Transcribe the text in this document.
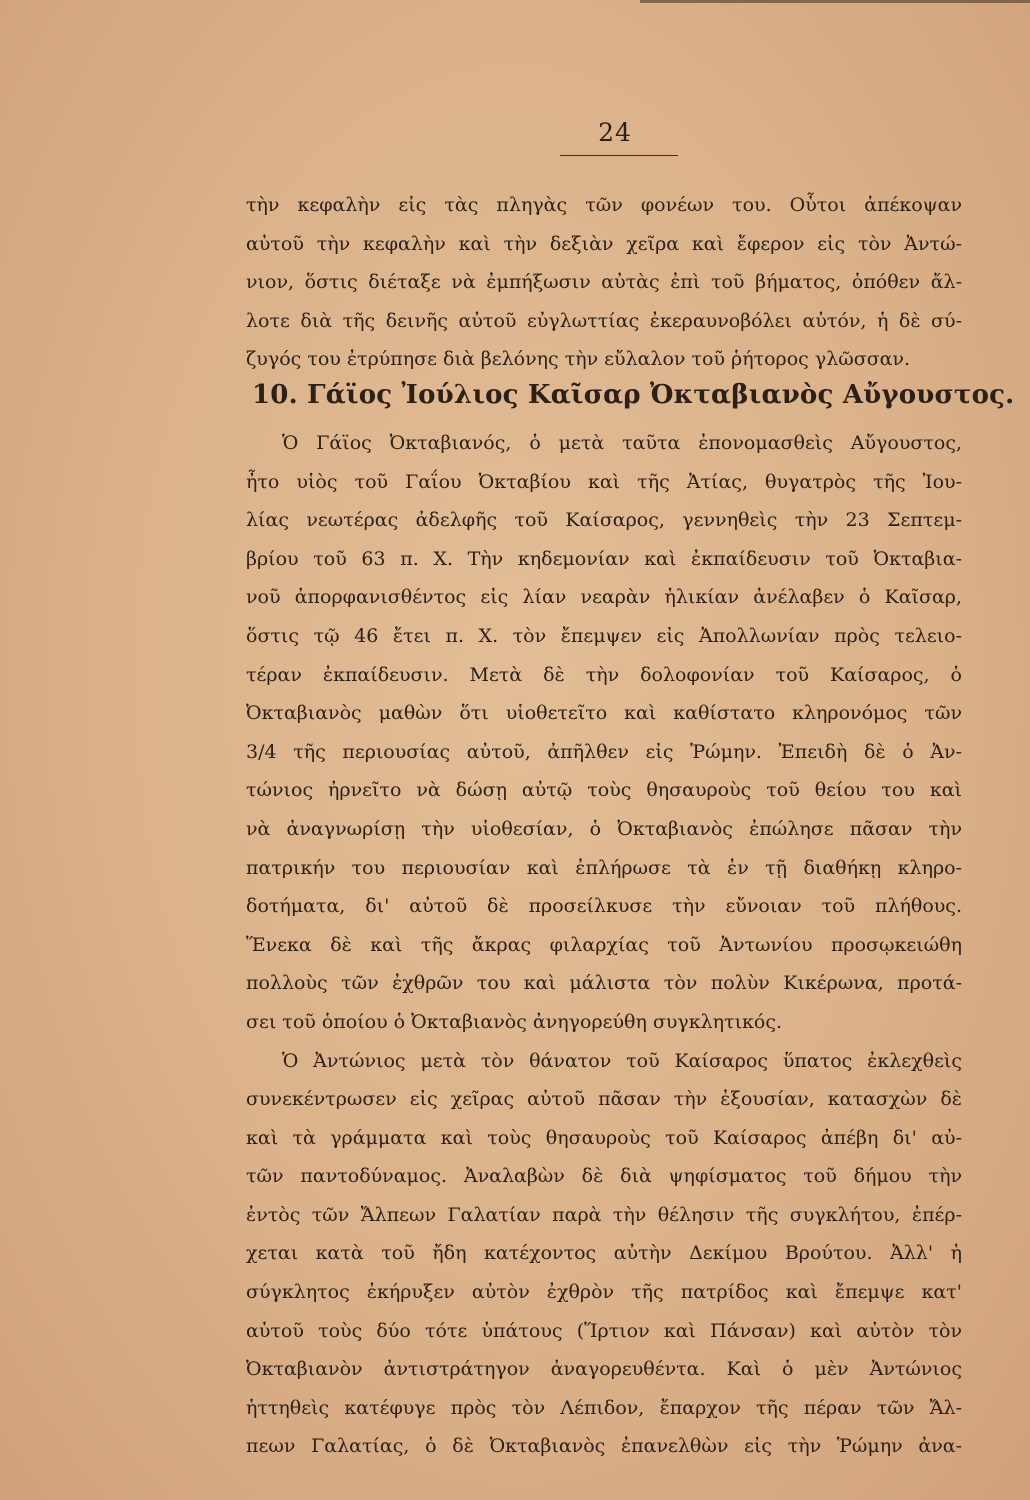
24
τὴν κεφαλὴν εἰς τὰς πληγὰς τῶν φονέων του. Οὗτοι ἀπέκοψαν
αὐτοῦ τὴν κεφαλὴν καὶ τὴν δεξιὰν χεῖρα καὶ ἔφερον εἰς τὸν Ἀντώ-
νιον, ὅστις διέταξε νὰ ἐμπήξωσιν αὐτὰς ἐπὶ τοῦ βήματος, ὁπόθεν ἄλ-
λοτε διὰ τῆς δεινῆς αὐτοῦ εὐγλωττίας ἐκεραυνοβόλει αὐτόν, ἡ δὲ σύ-
ζυγός του ἐτρύπησε διὰ βελόνης τὴν εὔλαλον τοῦ ῥήτορος γλῶσσαν.
10. Γάϊος Ἰούλιος Καῖσαρ Ὀκταβιανὸς Αὔγουστος.
Ὁ Γάϊος Ὀκταβιανός, ὁ μετὰ ταῦτα ἐπονομασθεὶς Αὔγουστος,
ἦτο υἱὸς τοῦ Γαΐου Ὀκταβίου καὶ τῆς Ἀτίας, θυγατρὸς τῆς Ἰου-
λίας νεωτέρας ἀδελφῆς τοῦ Καίσαρος, γεννηθεὶς τὴν 23 Σεπτεμ-
βρίου τοῦ 63 π. Χ. Τὴν κηδεμονίαν καὶ ἐκπαίδευσιν τοῦ Ὀκταβια-
νοῦ ἀπορφανισθέντος εἰς λίαν νεαρὰν ἡλικίαν ἀνέλαβεν ὁ Καῖσαρ,
ὅστις τῷ 46 ἔτει π. Χ. τὸν ἔπεμψεν εἰς Ἀπολλωνίαν πρὸς τελειο-
τέραν ἐκπαίδευσιν. Μετὰ δὲ τὴν δολοφονίαν τοῦ Καίσαρος, ὁ
Ὀκταβιανὸς μαθὼν ὅτι υἱοθετεῖτο καὶ καθίστατο κληρονόμος τῶν
3/4 τῆς περιουσίας αὐτοῦ, ἀπῆλθεν εἰς Ῥώμην. Ἐπειδὴ δὲ ὁ Ἀν-
τώνιος ἠρνεῖτο νὰ δώσῃ αὐτῷ τοὺς θησαυροὺς τοῦ θείου του καὶ
νὰ ἀναγνωρίσῃ τὴν υἱοθεσίαν, ὁ Ὀκταβιανὸς ἐπώλησε πᾶσαν τὴν
πατρικήν του περιουσίαν καὶ ἐπλήρωσε τὰ ἐν τῇ διαθήκῃ κληρο-
δοτήματα, δι' αὐτοῦ δὲ προσείλκυσε τὴν εὔνοιαν τοῦ πλήθους.
Ἕνεκα δὲ καὶ τῆς ἄκρας φιλαρχίας τοῦ Ἀντωνίου προσῳκειώθη
πολλοὺς τῶν ἐχθρῶν του καὶ μάλιστα τὸν πολὺν Κικέρωνα, προτά-
σει τοῦ ὁποίου ὁ Ὀκταβιανὸς ἀνηγορεύθη συγκλητικός.
Ὁ Ἀντώνιος μετὰ τὸν θάνατον τοῦ Καίσαρος ὕπατος ἐκλεχθεὶς
συνεκέντρωσεν εἰς χεῖρας αὐτοῦ πᾶσαν τὴν ἐξουσίαν, κατασχὼν δὲ
καὶ τὰ γράμματα καὶ τοὺς θησαυροὺς τοῦ Καίσαρος ἀπέβη δι' αὐ-
τῶν παντοδύναμος. Ἀναλαβὼν δὲ διὰ ψηφίσματος τοῦ δήμου τὴν
ἐντὸς τῶν Ἄλπεων Γαλατίαν παρὰ τὴν θέλησιν τῆς συγκλήτου, ἐπέρ-
χεται κατὰ τοῦ ἤδη κατέχοντος αὐτὴν Δεκίμου Βρούτου. Ἀλλ' ἡ
σύγκλητος ἐκήρυξεν αὐτὸν ἐχθρὸν τῆς πατρίδος καὶ ἔπεμψε κατ'
αὐτοῦ τοὺς δύο τότε ὑπάτους (Ἵρτιον καὶ Πάνσαν) καὶ αὐτὸν τὸν
Ὀκταβιανὸν ἀντιστράτηγον ἀναγορευθέντα. Καὶ ὁ μὲν Ἀντώνιος
ἡττηθεὶς κατέφυγε πρὸς τὸν Λέπιδον, ἔπαρχον τῆς πέραν τῶν Ἄλ-
πεων Γαλατίας, ὁ δὲ Ὀκταβιανὸς ἐπανελθὼν εἰς τὴν Ῥώμην ἀνα-
